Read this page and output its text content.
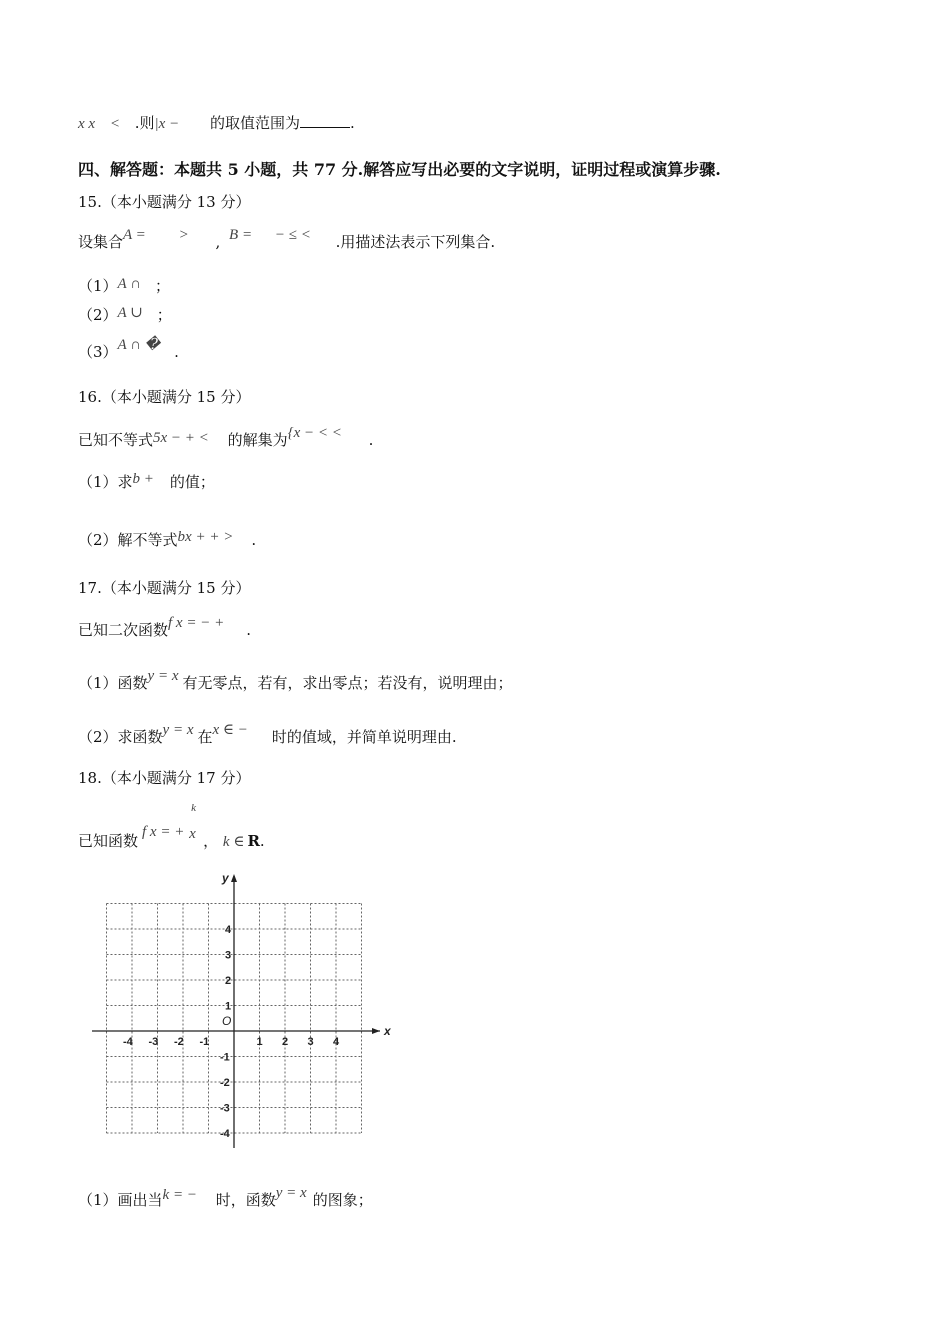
x x < .则|x − 的取值范围为	.
四、解答题：本题共 5 小题，共 77 分.解答应写出必要的文字说明，证明过程或演算步骤.
15.（本小题满分 13 分）
设集合A = > , B = − ≤ < .用描述法表示下列集合.
（1）A ∩ ；
（2）A ∪ ；
（3）A ∩ � .
16.（本小题满分 15 分）
已知不等式5x − + < 的解集为{x − < < .
（1）求b + 的值；
（2）解不等式bx + + > .
17.（本小题满分 15 分）
已知二次函数f x = − + .
（1）函数y = x 有无零点，若有，求出零点；若没有，说明理由；
（2）求函数y = x 在x ∈ − 时的值域，并简单说明理由.
18.（本小题满分 17 分）
已知函数 f x = +
k
x ， k ∈ R.
x
y
O
-4 -3 -2 -1	1 2 3 4
4
3
2
1
-1
-2
-3
-4
（1）画出当k = − 时，函数y = x 的图象；
